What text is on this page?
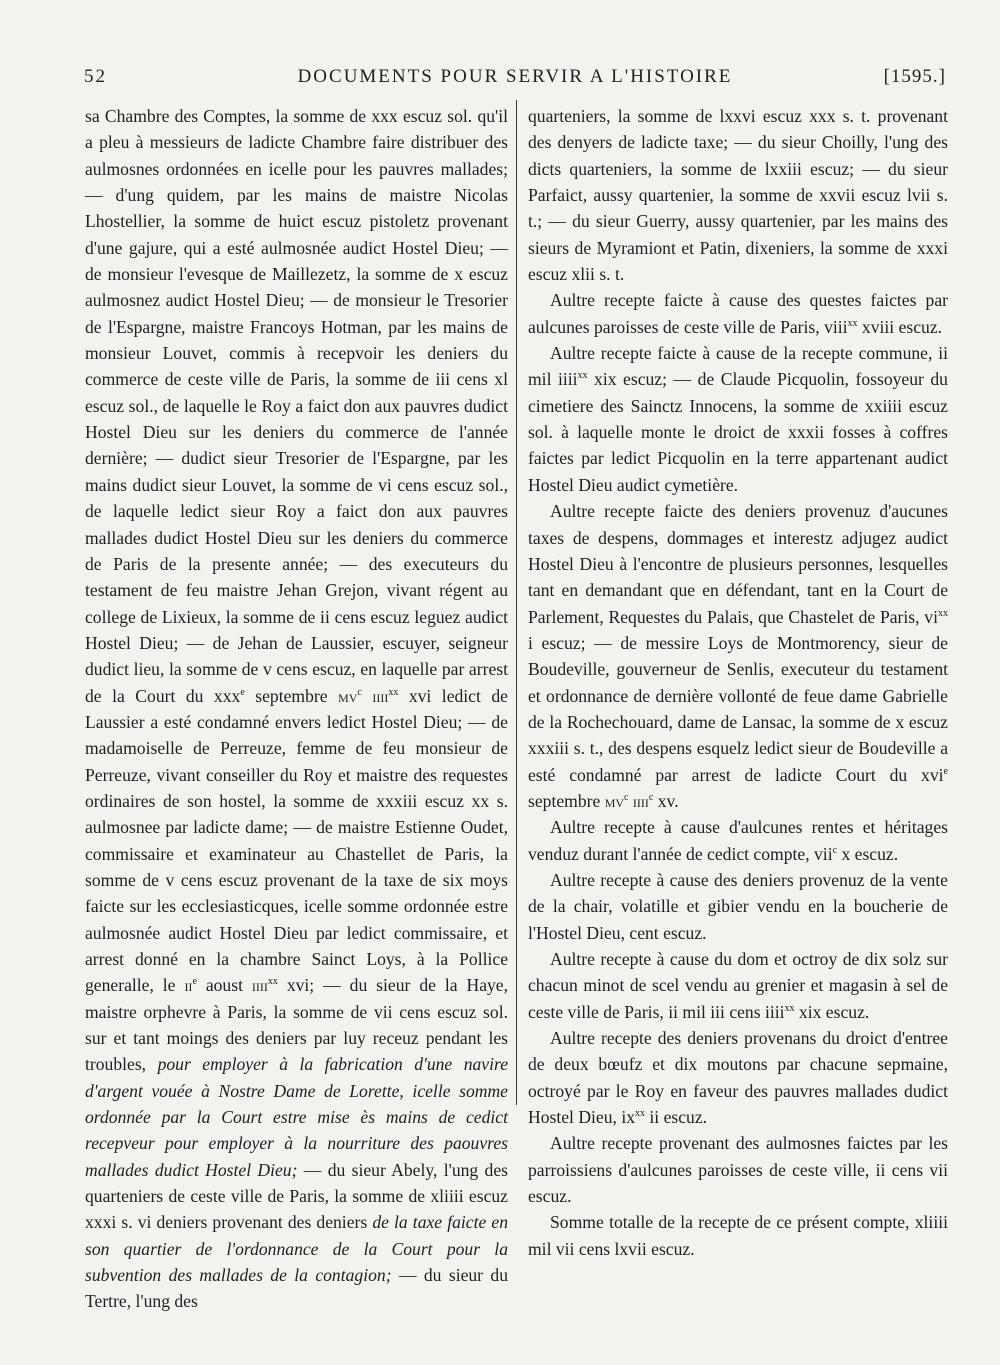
52	DOCUMENTS POUR SERVIR A L'HISTOIRE	[1595.]

sa Chambre des Comptes, la somme de xxx escuz sol. qu'il a pleu à messieurs de ladicte Chambre faire distribuer des aulmosnes ordonnées en icelle pour les pauvres mallades; — d'ung quidem, par les mains de maistre Nicolas Lhostellier, la somme de huict escuz pistoletz provenant d'une gajure, qui a esté aulmosnée audict Hostel Dieu; — de monsieur l'evesque de Maillezetz, la somme de x escuz aulmosnez audict Hostel Dieu; — de monsieur le Tresorier de l'Espargne, maistre Francoys Hotman, par les mains de monsieur Louvet, commis à recepvoir les deniers du commerce de ceste ville de Paris, la somme de iii cens xl escuz sol., de laquelle le Roy a faict don aux pauvres dudict Hostel Dieu sur les deniers du commerce de l'année dernière; — dudict sieur Tresorier de l'Espargne, par les mains dudict sieur Louvet, la somme de vi cens escuz sol., de laquelle ledict sieur Roy a faict don aux pauvres mallades dudict Hostel Dieu sur les deniers du commerce de Paris de la presente année; — des executeurs du testament de feu maistre Jehan Grejon, vivant régent au college de Lixieux, la somme de ii cens escuz leguez audict Hostel Dieu; — de Jehan de Laussier, escuyer, seigneur dudict lieu, la somme de v cens escuz, en laquelle par arrest de la Court du xxx$^e$ septembre $mv^c$ iiii$^{xx}$ xvi ledict de Laussier a esté condamné envers ledict Hostel Dieu; — de madamoiselle de Perreuze, femme de feu monsieur de Perreuze, vivant conseiller du Roy et maistre des requestes ordinaires de son hostel, la somme de xxxiii escuz xx s. aulmosnee par ladicte dame; — de maistre Estienne Oudet, commissaire et examinateur au Chastellet de Paris, la somme de v cens escuz provenant de la taxe de six moys faicte sur les ecclesiasticques, icelle somme ordonnée estre aulmosnée audict Hostel Dieu par ledict commissaire, et arrest donné en la chambre Sainct Loys, à la Pollice generalle, le $ii^e$ aoust iiii$^{xx}$ xvi; — du sieur de la Haye, maistre orphevre à Paris, la somme de vii cens escuz sol. sur et tant moings des deniers par luy receuz pendant les troubles, pour employer à la fabrication d'une navire d'argent vouée à Nostre Dame de Lorette, icelle somme ordonnée par la Court estre mise ès mains de cedict recepveur pour employer à la nourriture des paouvres mallades dudict Hostel Dieu; — du sieur Abely, l'ung des quarteniers de ceste ville de Paris, la somme de xliiii escuz xxxi s. vi deniers provenant des deniers de la taxe faicte en son quartier de l'ordonnance de la Court pour la subvention des mallades de la contagion; — du sieur du Tertre, l'ung des

quarteniers, la somme de lxxvi escuz xxx s. t. provenant des denyers de ladicte taxe; — du sieur Choilly, l'ung des dicts quarteniers, la somme de lxxiii escuz; — du sieur Parfaict, aussy quartenier, la somme de xxvii escuz lvii s. t.; — du sieur Guerry, aussy quartenier, par les mains des sieurs de Myramiont et Patin, dixeniers, la somme de xxxi escuz xlii s. t.

Aultre recepte faicte à cause des questes faictes par aulcunes paroisses de ceste ville de Paris, viii$^{xx}$ xviii escuz.

Aultre recepte faicte à cause de la recepte commune, ii mil iiii$^{xx}$ xix escuz; — de Claude Picquolin, fossoyeur du cimetiere des Sainctz Innocens, la somme de xxiiii escuz sol. à laquelle monte le droict de xxxii fosses à coffres faictes par ledict Picquolin en la terre appartenant audict Hostel Dieu audict cymetière.

Aultre recepte faicte des deniers provenuz d'aucunes taxes de despens, dommages et interestz adjugez audict Hostel Dieu à l'encontre de plusieurs personnes, lesquelles tant en demandant que en défendant, tant en la Court de Parlement, Requestes du Palais, que Chastelet de Paris, $vi^{xx}$ i escuz; — de messire Loys de Montmorency, sieur de Boudeville, gouverneur de Senlis, executeur du testament et ordonnance de dernière vollonté de feue dame Gabrielle de la Rochechouard, dame de Lansac, la somme de x escuz xxxiii s. t., des despens esquelz ledict sieur de Boudeville a esté condamné par arrest de ladicte Court du xvi$^e$ septembre $mv^c$ iiii$^c$ xv.

Aultre recepte à cause d'aulcunes rentes et héritages venduz durant l'année de cedict compte, vii$^c$ x escuz.

Aultre recepte à cause des deniers provenuz de la vente de la chair, volatille et gibier vendu en la boucherie de l'Hostel Dieu, cent escuz.

Aultre recepte à cause du dom et octroy de dix solz sur chacun minot de scel vendu au grenier et magasin à sel de ceste ville de Paris, ii mil iii cens iiii$^{xx}$ xix escuz.

Aultre recepte des deniers provenans du droict d'entree de deux bœufz et dix moutons par chacune sepmaine, octroyé par le Roy en faveur des pauvres mallades dudict Hostel Dieu, $ix^{xx}$ ii escuz.

Aultre recepte provenant des aulmosnes faictes par les parroissiens d'aulcunes paroisses de ceste ville, ii cens vii escuz.

Somme totalle de la recepte de ce présent compte, xliiii mil vii cens lxvii escuz.
